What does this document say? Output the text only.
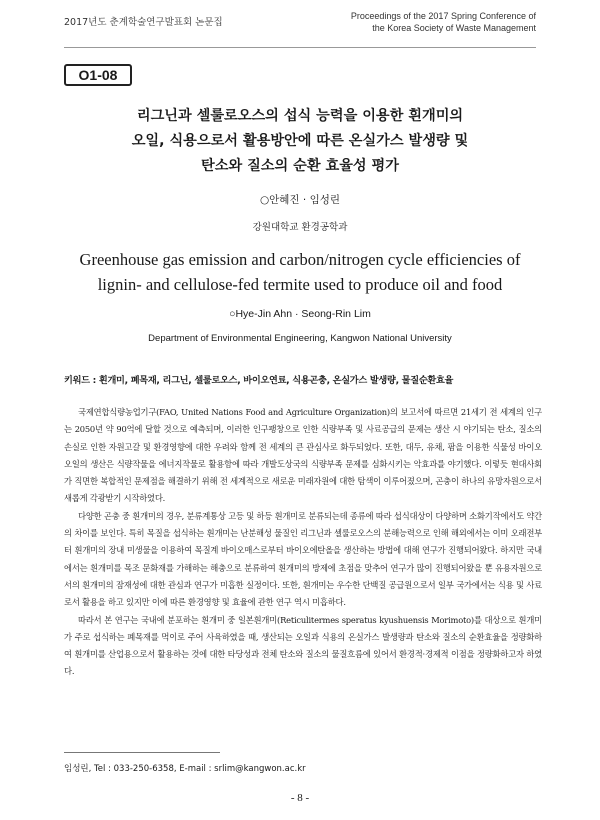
2017년도 춘계학술연구발표회 논문집
Proceedings of the 2017 Spring Conference of
the Korea Society of Waste Management
O1-08
리그닌과 셀룰로오스의 섭식 능력을 이용한 흰개미의
오일, 식용으로서 활용방안에 따른 온실가스 발생량 및
탄소와 질소의 순환 효율성 평가
○안혜진 · 임성린
강원대학교 환경공학과
Greenhouse gas emission and carbon/nitrogen cycle efficiencies of
lignin- and cellulose-fed termite used to produce oil and food
○Hye-Jin Ahn · Seong-Rin Lim
Department of Environmental Engineering, Kangwon National University
키워드 : 흰개미, 폐목재, 리그닌, 셀룰로오스, 바이오연료, 식용곤충, 온실가스 발생량, 물질순환효율

국제연합식량농업기구(FAO, United Nations Food and Agriculture Organization)의 보고서에 따르면 21세기 전 세계의 인구는 2050년 약 90억에 달할 것으로 예측되며, 이러한 인구팽창으로 인한 식량부족 및 사료공급의 문제는 생산 시 야기되는 탄소, 질소의 손실로 인한 자원고갈 및 환경영향에 대한 우려와 함께 전 세계의 큰 관심사로 화두되었다. 또한, 대두, 유채, 팜을 이용한 식물성 바이오오일의 생산은 식량작물을 에너지작물로 활용함에 따라 개발도상국의 식량부족 문제를 심화시키는 악효과를 야기했다. 이렇듯 현대사회가 직면한 복합적인 문제점을 해결하기 위해 전 세계적으로 새로운 미래자원에 대한 탐색이 이루어졌으며, 곤충이 하나의 유망자원으로서 새롭게 각광받기 시작하였다.

다양한 곤충 중 흰개미의 경우, 분류계통상 고등 및 하등 흰개미로 분류되는데 종류에 따라 섭식대상이 다양하며 소화기작에서도 약간의 차이를 보인다. 특히 목질을 섭식하는 흰개미는 난분해성 물질인 리그닌과 셀룰로오스의 분해능력으로 인해 해외에서는 이미 오래전부터 흰개미의 장내 미생물을 이용하여 목질계 바이오매스로부터 바이오에탄올을 생산하는 방법에 대해 연구가 진행되어왔다. 하지만 국내에서는 흰개미를 목조 문화재를 가해하는 해충으로 분류하여 흰개미의 방제에 초점을 맞추어 연구가 많이 진행되어왔을 뿐 유용자원으로서의 흰개미의 잠재성에 대한 관심과 연구가 미흡한 실정이다. 또한, 흰개미는 우수한 단백질 공급원으로서 일부 국가에서는 식용 및 사료로서 활용을 하고 있지만 이에 따른 환경영향 및 효율에 관한 연구 역시 미흡하다.

따라서 본 연구는 국내에 분포하는 흰개미 중 일본흰개미(Reticulitermes speratus kyushuensis Morimoto)를 대상으로 흰개미가 주로 섭식하는 폐목재를 먹이로 주어 사육하였을 때, 생산되는 오일과 식용의 온실가스 발생량과 탄소와 질소의 순환효율을 정량화하여 흰개미를 산업용으로서 활용하는 것에 대한 타당성과 전체 탄소와 질소의 물질흐름에 있어서 환경적·경제적 이점을 정량화하고자 하였다.

임성린, Tel : 033-250-6358, E-mail : srlim@kangwon.ac.kr
- 8 -
